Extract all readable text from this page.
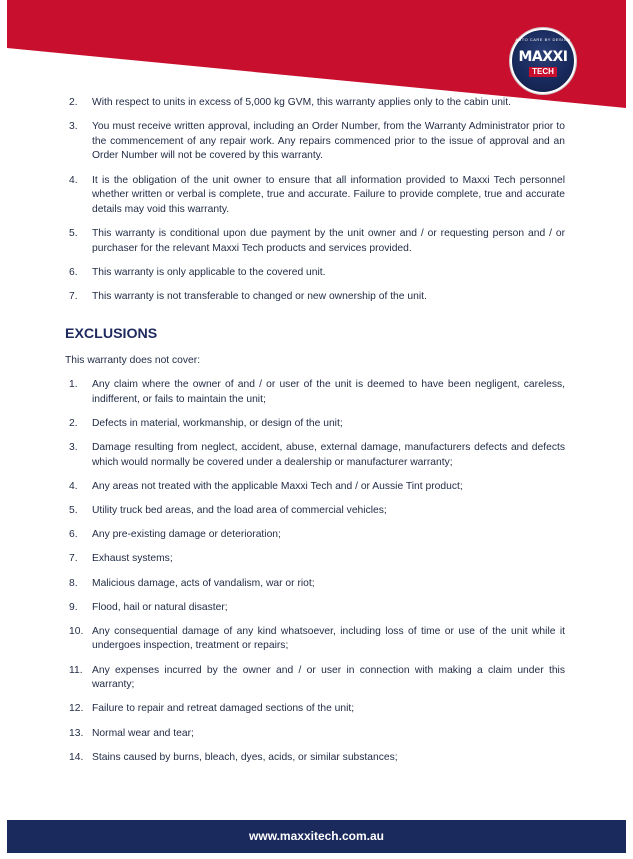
AUTO CARE BY DESIGN
MAXXI
TECH
2. With respect to units in excess of 5,000 kg GVM, this warranty applies only to the cabin unit.
3. You must receive written approval, including an Order Number, from the Warranty Administrator prior to the commencement of any repair work. Any repairs commenced prior to the issue of approval and an Order Number will not be covered by this warranty.
4. It is the obligation of the unit owner to ensure that all information provided to Maxxi Tech personnel whether written or verbal is complete, true and accurate. Failure to provide complete, true and accurate details may void this warranty.
5. This warranty is conditional upon due payment by the unit owner and / or requesting person and / or purchaser for the relevant Maxxi Tech products and services provided.
6. This warranty is only applicable to the covered unit.
7. This warranty is not transferable to changed or new ownership of the unit.
EXCLUSIONS
This warranty does not cover:
1. Any claim where the owner of and / or user of the unit is deemed to have been negligent, careless, indifferent, or fails to maintain the unit;
2. Defects in material, workmanship, or design of the unit;
3. Damage resulting from neglect, accident, abuse, external damage, manufacturers defects and defects which would normally be covered under a dealership or manufacturer warranty;
4. Any areas not treated with the applicable Maxxi Tech and / or Aussie Tint product;
5. Utility truck bed areas, and the load area of commercial vehicles;
6. Any pre-existing damage or deterioration;
7. Exhaust systems;
8. Malicious damage, acts of vandalism, war or riot;
9. Flood, hail or natural disaster;
10. Any consequential damage of any kind whatsoever, including loss of time or use of the unit while it undergoes inspection, treatment or repairs;
11. Any expenses incurred by the owner and / or user in connection with making a claim under this warranty;
12. Failure to repair and retreat damaged sections of the unit;
13. Normal wear and tear;
14. Stains caused by burns, bleach, dyes, acids, or similar substances;
www.maxxitech.com.au
